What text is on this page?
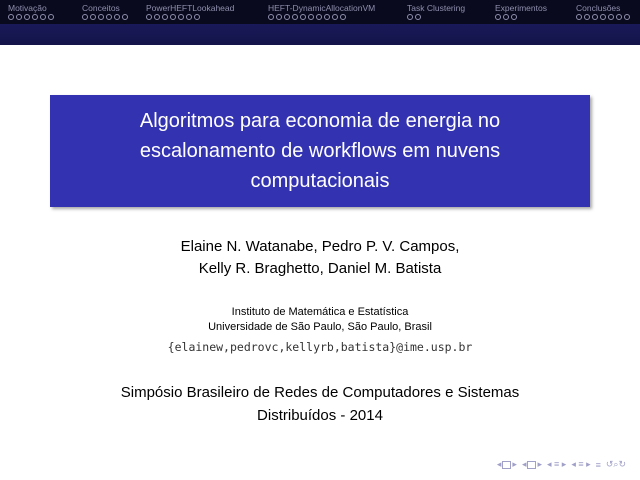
Motivação	Conceitos	PowerHEFTLookahead	HEFT-DynamicAllocationVM	Task Clustering	Experimentos	Conclusões
Algoritmos para economia de energia no
escalonamento de workflows em nuvens
computacionais
Elaine N. Watanabe, Pedro P. V. Campos,
Kelly R. Braghetto, Daniel M. Batista
Instituto de Matemática e Estatística
Universidade de São Paulo, São Paulo, Brasil
{elainew,pedrovc,kellyrb,batista}@ime.usp.br
Simpósio Brasileiro de Redes de Computadores e Sistemas
Distribuídos - 2014
◂ ▸ ◂ ▸ ◂ ≡ ▸ ◂ ≡ ▸ ≡ ↺⌕↻
